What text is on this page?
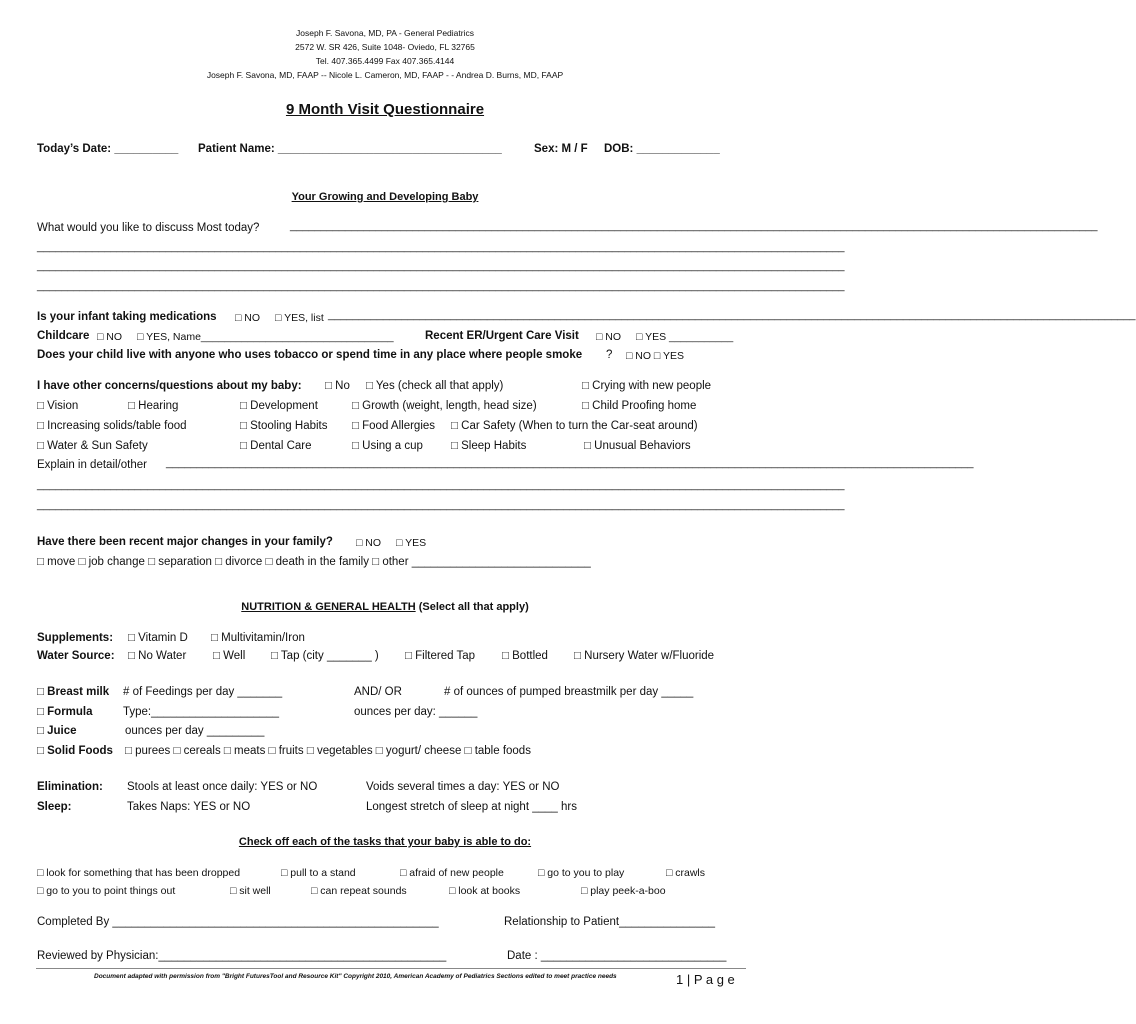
Joseph F. Savona, MD, PA - General Pediatrics
2572 W. SR 426, Suite 1048- Oviedo, FL 32765
Tel. 407.365.4499 Fax 407.365.4144
Joseph F. Savona, MD, FAAP -- Nicole L. Cameron, MD, FAAP - - Andrea D. Burns, MD, FAAP
9 Month Visit Questionnaire
Today’s Date: __________ Patient Name: ___________________________________	Sex: M / F DOB: _____________
Your Growing and Developing Baby
What would you like to discuss Most today?	____________________________________________________________________________________________________________________________________
____________________________________________________________________________________________________________________________________
____________________________________________________________________________________________________________________________________
____________________________________________________________________________________________________________________________________
Is your infant taking medications □ NO □ YES, list ____________________________________________________________________________________________________________________________________
Childcare □ NO □ YES, Name_________________________________	Recent ER/Urgent Care Visit □ NO □ YES ___________
Does your child live with anyone who uses tobacco or spend time in any place where people smoke ? □ NO □ YES
I have other concerns/questions about my baby: □ No □ Yes (check all that apply)	□ Crying with new people
□ Vision	□ Hearing	□ Development	□ Growth (weight, length, head size)	□ Child Proofing home
□ Increasing solids/table food	□ Stooling Habits □ Food Allergies □ Car Safety (When to turn the Car-seat around)
□ Water & Sun Safety	□ Dental Care	□ Using a cup □ Sleep Habits	□ Unusual Behaviors
Explain in detail/other ____________________________________________________________________________________________________________________________________
____________________________________________________________________________________________________________________________________
____________________________________________________________________________________________________________________________________
Have there been recent major changes in your family? □ NO □ YES
□ move □ job change □ separation □ divorce □ death in the family □ other ____________________________
NUTRITION & GENERAL HEALTH (Select all that apply)
Supplements: □ Vitamin D □ Multivitamin/Iron
Water Source: □ No Water □ Well □ Tap (city _______ ) □ Filtered Tap □ Bottled □ Nursery Water w/Fluoride
□ Breast milk # of Feedings per day _______	AND/ OR	# of ounces of pumped breastmilk per day _____
□ Formula	Type:____________________	ounces per day: ______
□ Juice	ounces per day _________
□ Solid Foods □ purees □ cereals □ meats □ fruits □ vegetables □ yogurt/ cheese □ table foods
Elimination: Stools at least once daily: YES or NO	Voids several times a day: YES or NO
Sleep:	Takes Naps: YES or NO	Longest stretch of sleep at night ____ hrs
Check off each of the tasks that your baby is able to do:
□ look for something that has been dropped	□ pull to a stand	□ afraid of new people	□ go to you to play	□ crawls
□ go to you to point things out	□ sit well	□ can repeat sounds	□ look at books	□ play peek-a-boo
Completed By ___________________________________________________	Relationship to Patient_______________
Reviewed by Physician:_____________________________________________	Date : _____________________________
Document adapted with permission from "Bright FuturesTool and Resource Kit" Copyright 2010, American Academy of Pediatrics Sections edited to meet practice needs	1 | P a g e
